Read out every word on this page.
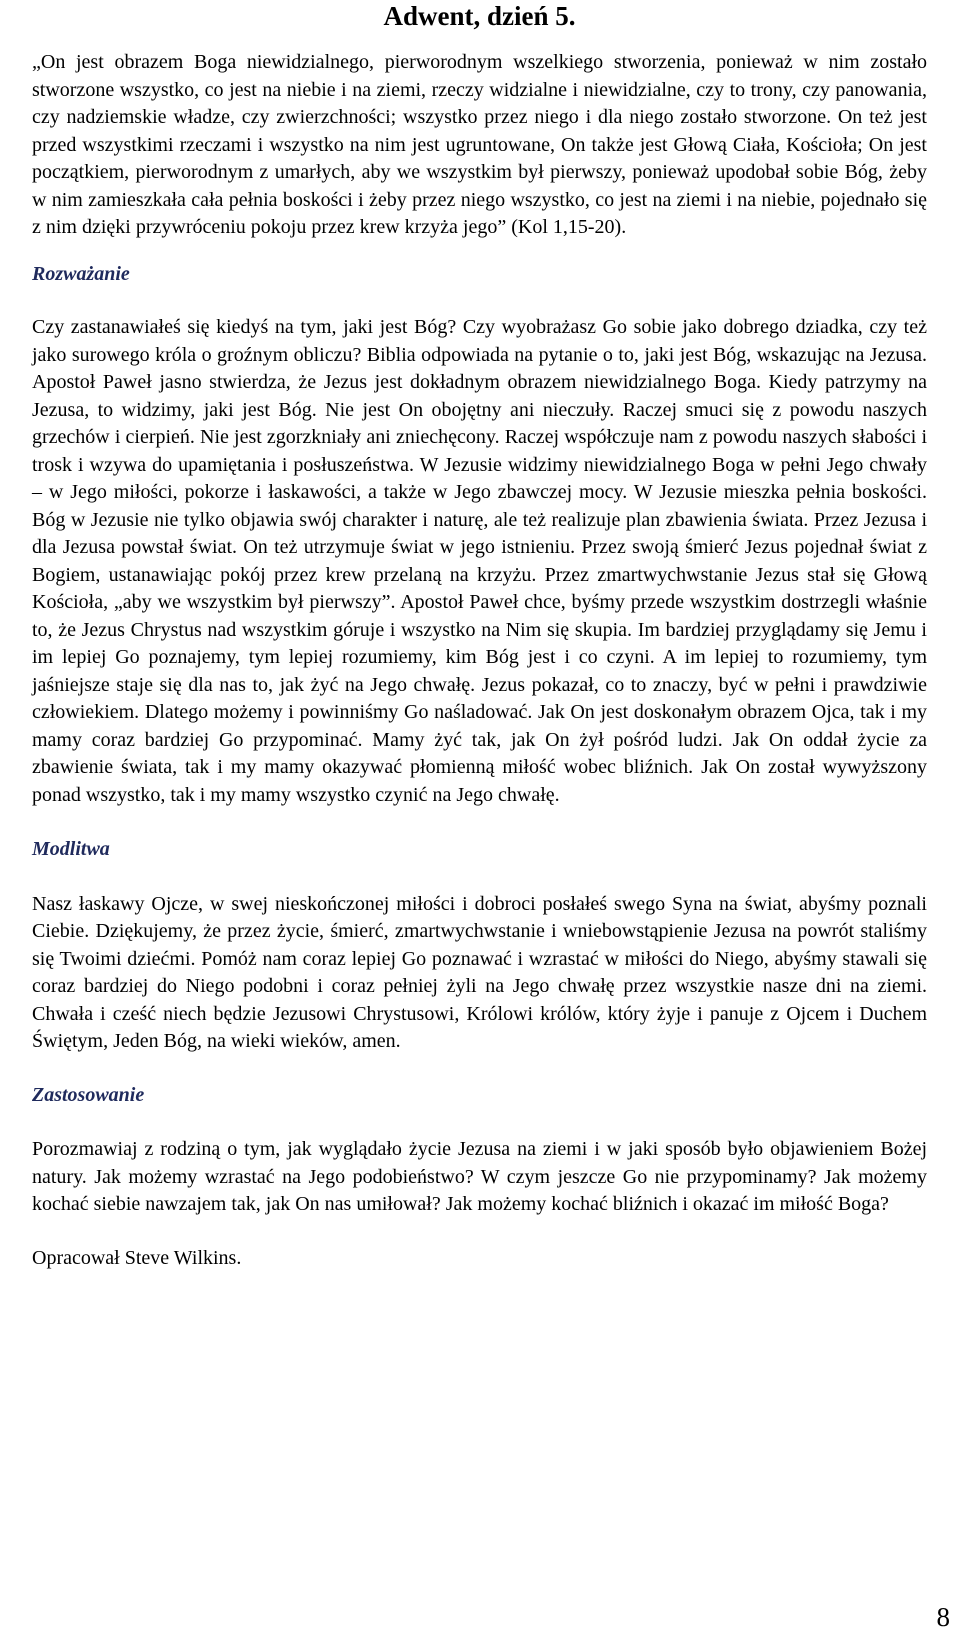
Adwent, dzień 5.

„On jest obrazem Boga niewidzialnego, pierworodnym wszelkiego stworzenia, ponieważ w nim zostało stworzone wszystko, co jest na niebie i na ziemi, rzeczy widzialne i niewidzialne, czy to trony, czy panowania, czy nadziemskie władze, czy zwierzchności; wszystko przez niego i dla niego zostało stworzone. On też jest przed wszystkimi rzeczami i wszystko na nim jest ugruntowane, On także jest Głową Ciała, Kościoła; On jest początkiem, pierworodnym z umarłych, aby we wszystkim był pierwszy, ponieważ upodobał sobie Bóg, żeby w nim zamieszkała cała pełnia boskości i żeby przez niego wszystko, co jest na ziemi i na niebie, pojednało się z nim dzięki przywróceniu pokoju przez krew krzyża jego” (Kol 1,15-20).

Rozważanie

Czy zastanawiałeś się kiedyś na tym, jaki jest Bóg? Czy wyobrażasz Go sobie jako dobrego dziadka, czy też jako surowego króla o groźnym obliczu? Biblia odpowiada na pytanie o to, jaki jest Bóg, wskazując na Jezusa. Apostoł Paweł jasno stwierdza, że Jezus jest dokładnym obrazem niewidzialnego Boga. Kiedy patrzymy na Jezusa, to widzimy, jaki jest Bóg. Nie jest On obojętny ani nieczuły. Raczej smuci się z powodu naszych grzechów i cierpień. Nie jest zgorzkniały ani zniechęcony. Raczej współczuje nam z powodu naszych słabości i trosk i wzywa do upamiętania i posłuszeństwa. W Jezusie widzimy niewidzialnego Boga w pełni Jego chwały – w Jego miłości, pokorze i łaskawości, a także w Jego zbawczej mocy. W Jezusie mieszka pełnia boskości. Bóg w Jezusie nie tylko objawia swój charakter i naturę, ale też realizuje plan zbawienia świata. Przez Jezusa i dla Jezusa powstał świat. On też utrzymuje świat w jego istnieniu. Przez swoją śmierć Jezus pojednał świat z Bogiem, ustanawiając pokój przez krew przelaną na krzyżu. Przez zmartwychwstanie Jezus stał się Głową Kościoła, „aby we wszystkim był pierwszy”. Apostoł Paweł chce, byśmy przede wszystkim dostrzegli właśnie to, że Jezus Chrystus nad wszystkim góruje i wszystko na Nim się skupia. Im bardziej przyglądamy się Jemu i im lepiej Go poznajemy, tym lepiej rozumiemy, kim Bóg jest i co czyni. A im lepiej to rozumiemy, tym jaśniejsze staje się dla nas to, jak żyć na Jego chwałę. Jezus pokazał, co to znaczy, być w pełni i prawdziwie człowiekiem. Dlatego możemy i powinniśmy Go naśladować. Jak On jest doskonałym obrazem Ojca, tak i my mamy coraz bardziej Go przypominać. Mamy żyć tak, jak On żył pośród ludzi. Jak On oddał życie za zbawienie świata, tak i my mamy okazywać płomienną miłość wobec bliźnich. Jak On został wywyższony ponad wszystko, tak i my mamy wszystko czynić na Jego chwałę.

Modlitwa

Nasz łaskawy Ojcze, w swej nieskończonej miłości i dobroci posłałeś swego Syna na świat, abyśmy poznali Ciebie. Dziękujemy, że przez życie, śmierć, zmartwychwstanie i wniebowstąpienie Jezusa na powrót staliśmy się Twoimi dziećmi. Pomóż nam coraz lepiej Go poznawać i wzrastać w miłości do Niego, abyśmy stawali się coraz bardziej do Niego podobni i coraz pełniej żyli na Jego chwałę przez wszystkie nasze dni na ziemi. Chwała i cześć niech będzie Jezusowi Chrystusowi, Królowi królów, który żyje i panuje z Ojcem i Duchem Świętym, Jeden Bóg, na wieki wieków, amen.

Zastosowanie

Porozmawiaj z rodziną o tym, jak wyglądało życie Jezusa na ziemi i w jaki sposób było objawieniem Bożej natury. Jak możemy wzrastać na Jego podobieństwo? W czym jeszcze Go nie przypominamy? Jak możemy kochać siebie nawzajem tak, jak On nas umiłował? Jak możemy kochać bliźnich i okazać im miłość Boga?

Opracował Steve Wilkins.

8
